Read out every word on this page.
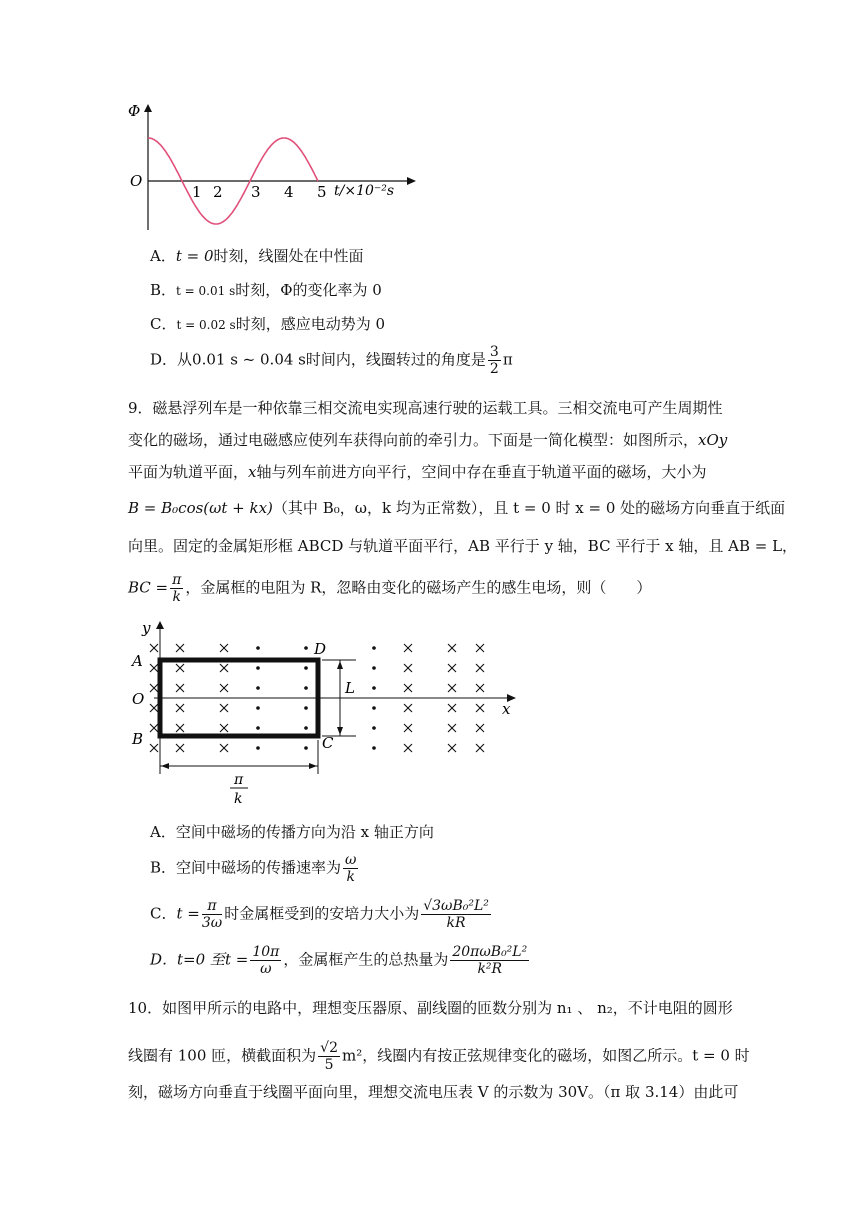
Φ
O
1 2 3 4 5 t/×10⁻²s
A．t = 0时刻，线圈处在中性面
B．t = 0.01 s时刻，Φ的变化率为 0
C．t = 0.02 s时刻，感应电动势为 0
D．从0.01 s ~ 0.04 s时间内，线圈转过的角度是 $\frac{3}{2}$ π
9．磁悬浮列车是一种依靠三相交流电实现高速行驶的运载工具。三相交流电可产生周期性
变化的磁场，通过电磁感应使列车获得向前的牵引力。下面是一简化模型：如图所示，xOy
平面为轨道平面，x轴与列车前进方向平行，空间中存在垂直于轨道平面的磁场，大小为
B = B₀cos(ωt + kx)（其中 B₀，ω，k 均为正常数），且 t = 0 时 x = 0 处的磁场方向垂直于纸面
向里。固定的金属矩形框 ABCD 与轨道平面平行，AB 平行于 y 轴，BC 平行于 x 轴，且 AB = L，
BC = $\frac{\pi}{k}$ ，金属框的电阻为 R，忽略由变化的磁场产生的感生电场，则（　　）
y
x
A
O
B
D
C
L
π
k
A．空间中磁场的传播方向为沿 x 轴正方向
B．空间中磁场的传播速率为 $\frac{\omega}{k}$
C．$t = \frac{\pi}{3\omega}$ 时金属框受到的安培力大小为 $\frac{\text{√3ωB₀²L²}}{kR}$
D．t=0 至$t = \frac{10\pi}{\omega}$ ，金属框产生的总热量为 $\frac{\text{20πωB₀²L²}}{\text{k²R}}$
10．如图甲所示的电路中，理想变压器原、副线圈的匝数分别为 n₁ 、 n₂，不计电阻的圆形
线圈有 100 匝，横截面积为 $\frac{√2}{5} m^2$，线圈内有按正弦规律变化的磁场，如图乙所示。t = 0 时
刻，磁场方向垂直于线圈平面向里，理想交流电压表 V 的示数为 30V。（π 取 3.14）由此可
